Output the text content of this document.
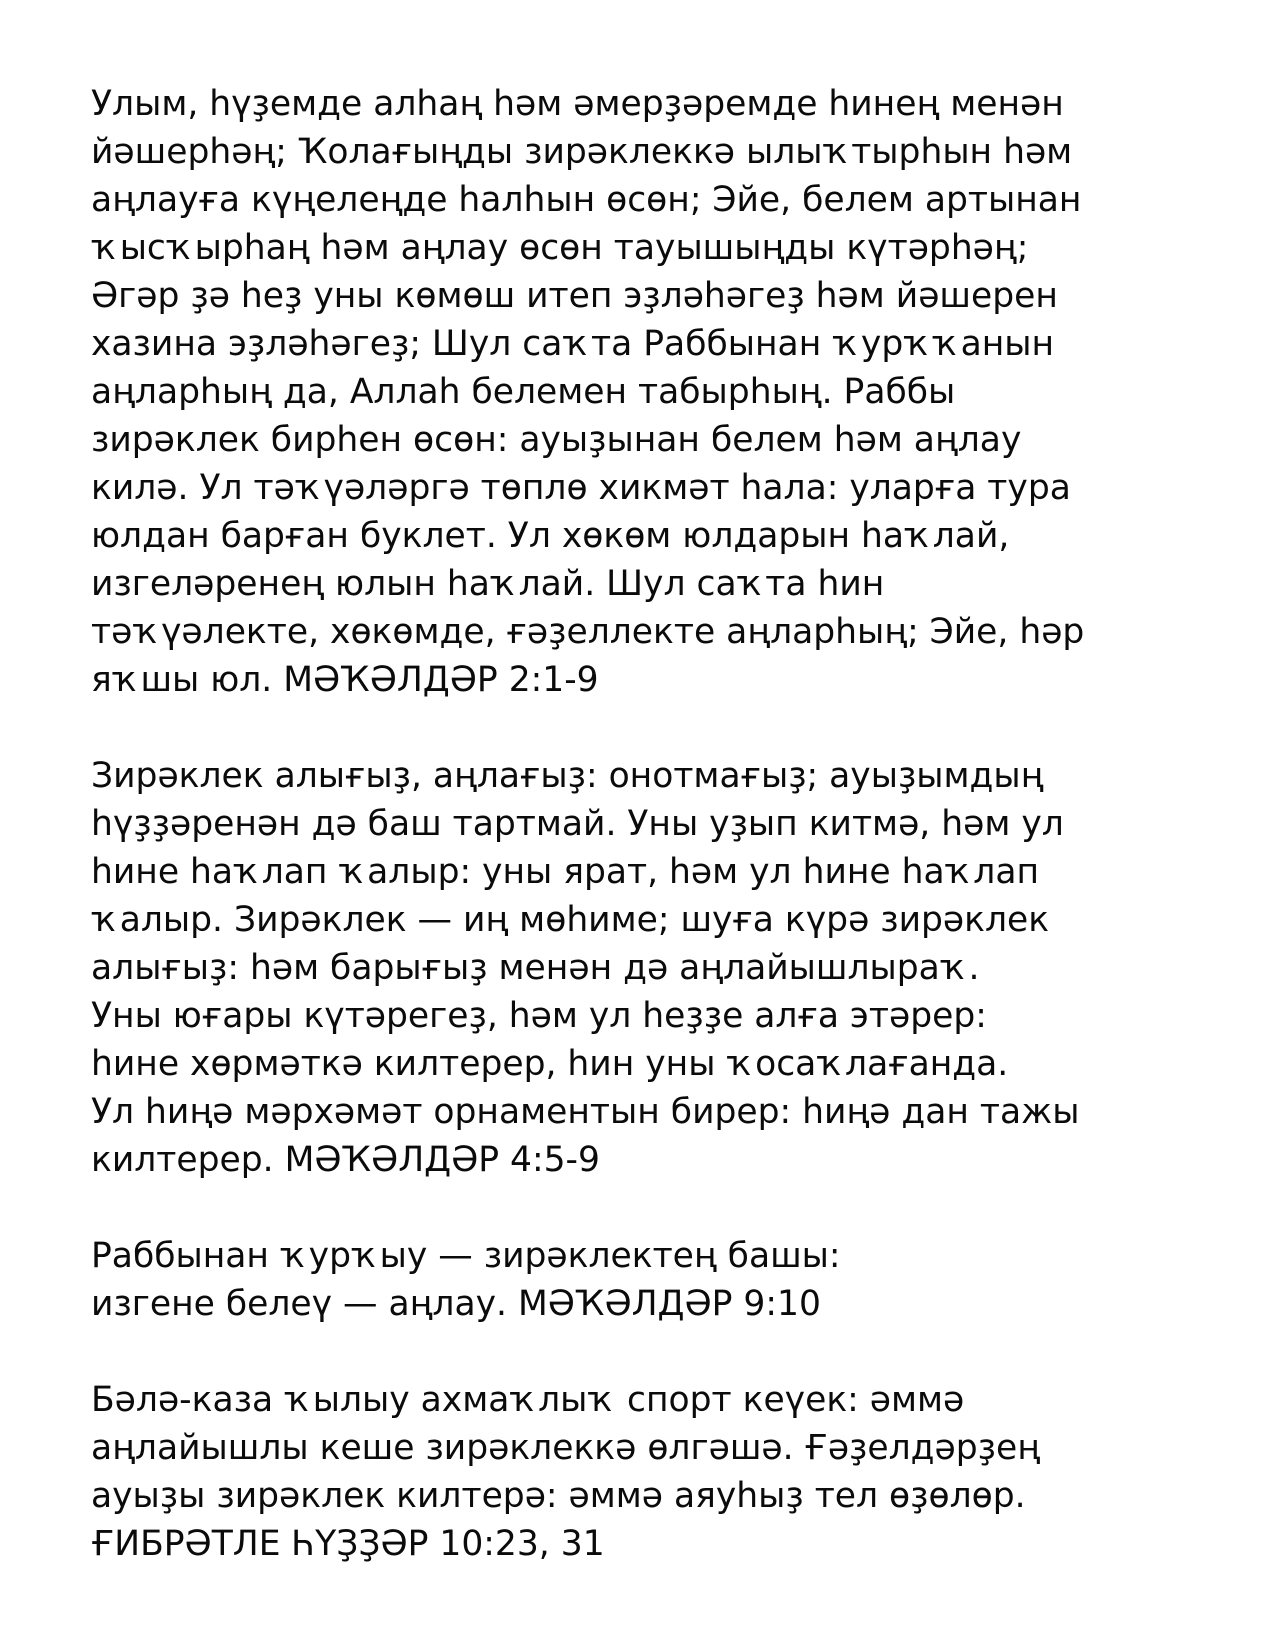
Улым, һүҙемде алһаң һәм әмерҙәремде һинең менән
йәшерһәң; Ҡолағыңды зирәклеккә ылыҡтырһын һәм
аңлауға күңелеңде һалһын өсөн; Эйе, белем артынан
ҡысҡырһаң һәм аңлау өсөн тауышыңды күтәрһәң;
Әгәр ҙә һеҙ уны көмөш итеп эҙләһәгеҙ һәм йәшерен
хазина эҙләһәгеҙ; Шул саҡта Раббынан ҡурҡҡанын
аңларһың да, Аллаһ белемен табырһың. Раббы
зирәклек бирһен өсөн: ауыҙынан белем һәм аңлау
килә. Ул тәҡүәләргә төплө хикмәт һала: уларға тура
юлдан барған буклет. Ул хөкөм юлдарын һаҡлай,
изгеләренең юлын һаҡлай. Шул саҡта һин
тәҡүәлекте, хөкөмде, ғәҙеллекте аңларһың; Эйе, һәр
яҡшы юл. МӘҠӘЛДӘР 2:1-9

Зирәклек алығыҙ, аңлағыҙ: онотмағыҙ; ауыҙымдың
һүҙҙәренән дә баш тартмай. Уны уҙып китмә, һәм ул
һине һаҡлап ҡалыр: уны ярат, һәм ул һине һаҡлап
ҡалыр. Зирәклек — иң мөһиме; шуға күрә зирәклек
алығыҙ: һәм барығыҙ менән дә аңлайышлыраҡ.
Уны юғары күтәрегеҙ, һәм ул һеҙҙе алға этәрер:
һине хөрмәткә килтерер, һин уны ҡосаҡлағанда.
Ул һиңә мәрхәмәт орнаментын бирер: һиңә дан тажы
килтерер. МӘҠӘЛДӘР 4:5-9

Раббынан ҡурҡыу — зирәклектең башы:
изгене белеү — аңлау. МӘҠӘЛДӘР 9:10

Бәлә-каза ҡылыу ахмаҡлыҡ спорт кеүек: әммә
аңлайышлы кеше зирәклеккә өлгәшә. Ғәҙелдәрҙең
ауыҙы зирәклек килтерә: әммә аяуһыҙ тел өҙөлөр.
ҒИБРӘТЛЕ ҺҮҘҘӘР 10:23, 31
